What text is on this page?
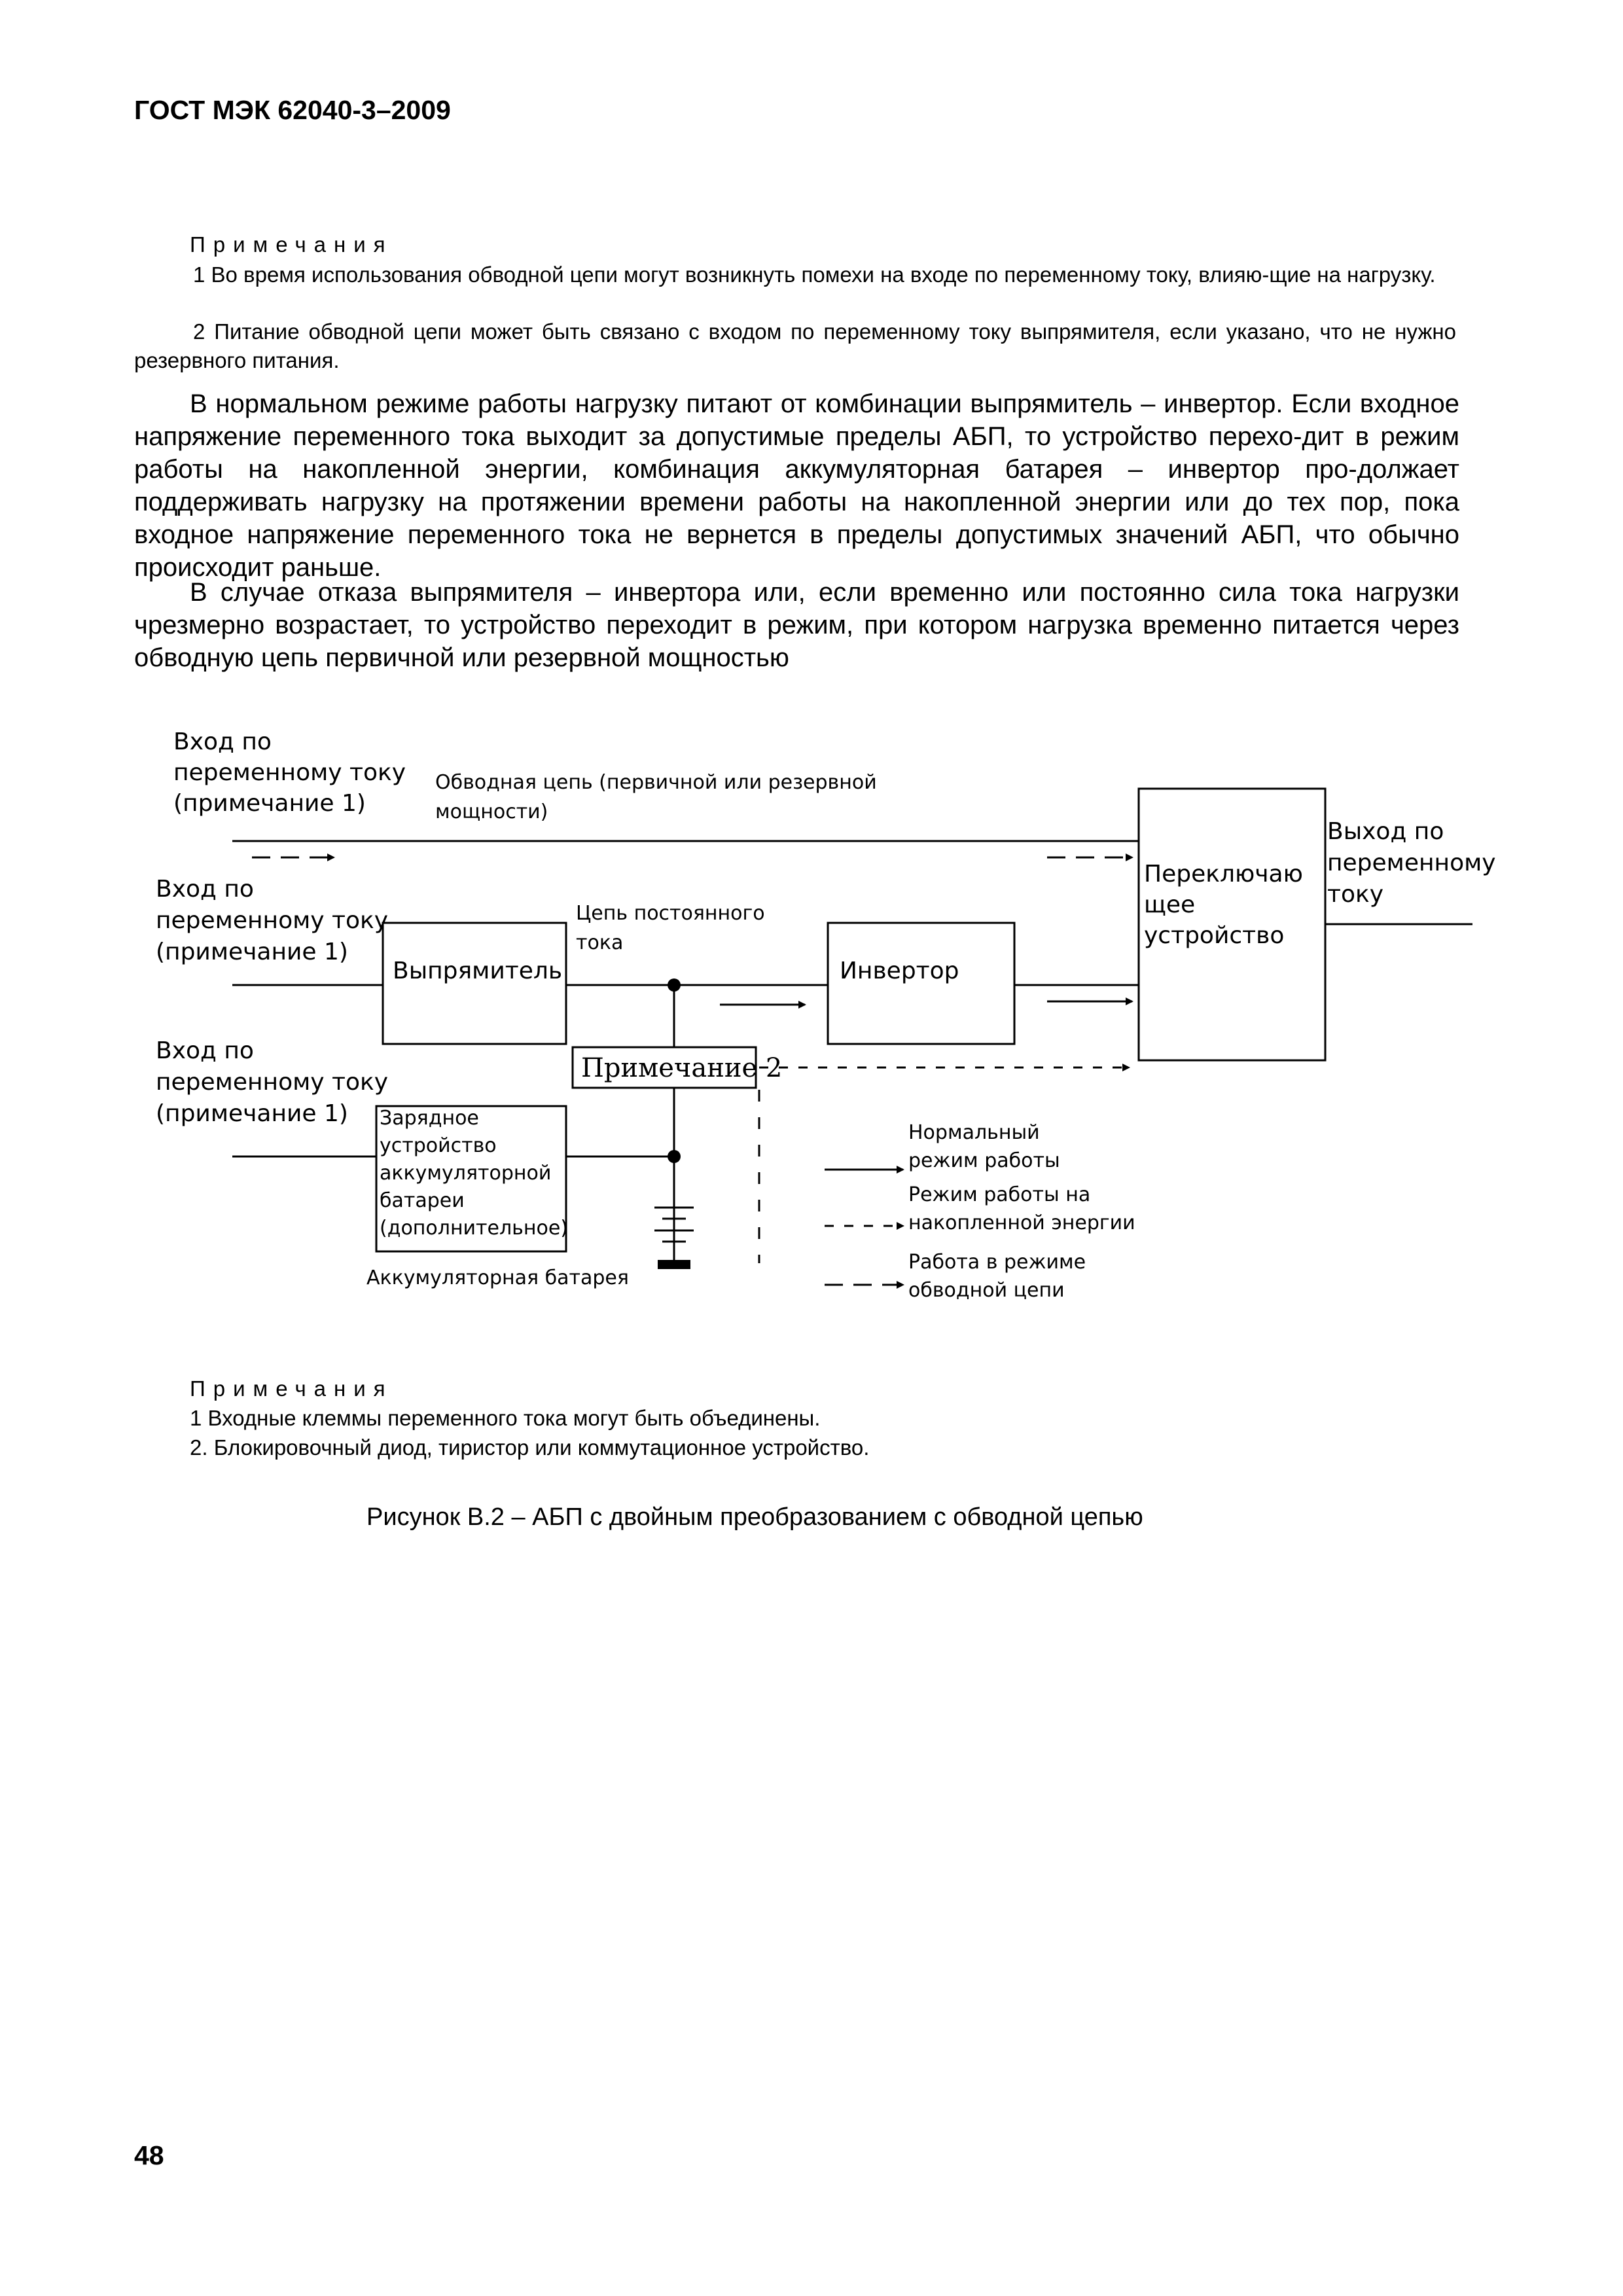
ГОСТ МЭК 62040-3–2009
Примечания
1 Во время использования обводной цепи могут возникнуть помехи на входе по переменному току, влияю-щие на нагрузку.
2 Питание обводной цепи может быть связано с входом по переменному току выпрямителя, если указано, что не нужно резервного питания.
В нормальном режиме работы нагрузку питают от комбинации выпрямитель – инвертор. Если входное напряжение переменного тока выходит за допустимые пределы АБП, то устройство перехо-дит в режим работы на накопленной энергии, комбинация аккумуляторная батарея – инвертор про-должает поддерживать нагрузку на протяжении времени работы на накопленной энергии или до тех пор, пока входное напряжение переменного тока не вернется в пределы допустимых значений АБП, что обычно происходит раньше.
В случае отказа выпрямителя – инвертора или, если временно или постоянно сила тока нагрузки чрезмерно возрастает, то устройство переходит в режим, при котором нагрузка временно питается через обводную цепь первичной или резервной мощностью
Вход по
переменному току
(примечание 1)
Обводная цепь (первичной или резервной
мощности)
Вход по
переменному току
(примечание 1)
Выпрямитель
Цепь постоянного
тока
Инвертор
Переключаю
щее
устройство
Выход по
переменному
току
Примечание 2
Вход по
переменному току
(примечание 1) Зарядное
устройство
аккумуляторной
батареи
(дополнительное)
Аккумуляторная батарея
Нормальный
режим работы
Режим работы на
накопленной энергии
Работа в режиме
обводной цепи
Примечания
1 Входные клеммы переменного тока могут быть объединены.
2. Блокировочный диод, тиристор или коммутационное устройство.
Рисунок В.2 – АБП с двойным преобразованием с обводной цепью
48
